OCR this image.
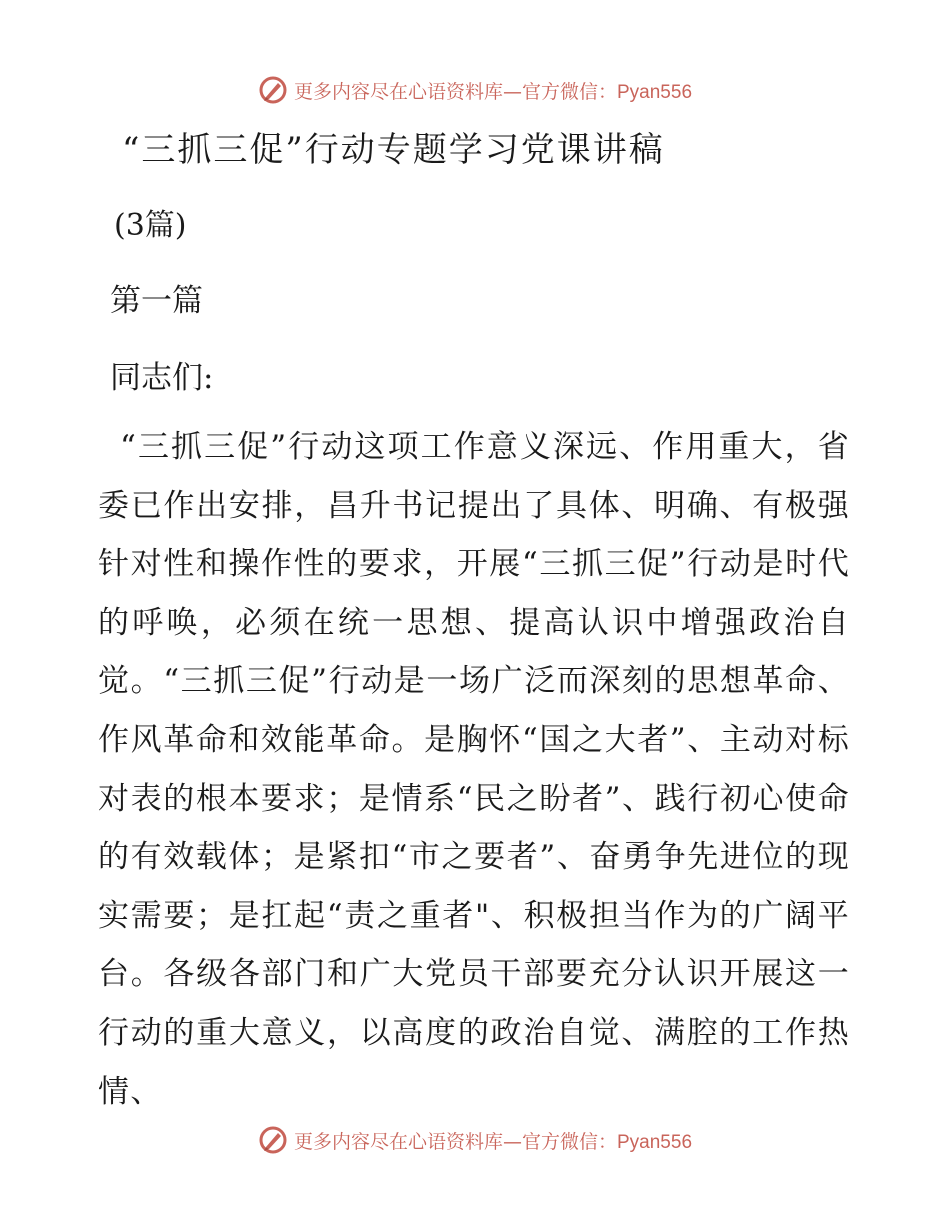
更多内容尽在心语资料库—官方微信：Pyan556
“三抓三促”行动专题学习党课讲稿
(3篇)
第一篇
同志们:

“三抓三促”行动这项工作意义深远、作用重大，省委已作出安排，昌升书记提出了具体、明确、有极强针对性和操作性的要求，开展“三抓三促”行动是时代的呼唤，必须在统一思想、提高认识中增强政治自觉。“三抓三促”行动是一场广泛而深刻的思想革命、作风革命和效能革命。是胸怀“国之大者”、主动对标对表的根本要求；是情系“民之盼者”、践行初心使命的有效载体；是紧扣“市之要者”、奋勇争先进位的现实需要；是扛起“责之重者"、积极担当作为的广阔平台。各级各部门和广大党员干部要充分认识开展这一行动的重大意义，以高度的政治自觉、满腔的工作热情、

更多内容尽在心语资料库—官方微信：Pyan556
